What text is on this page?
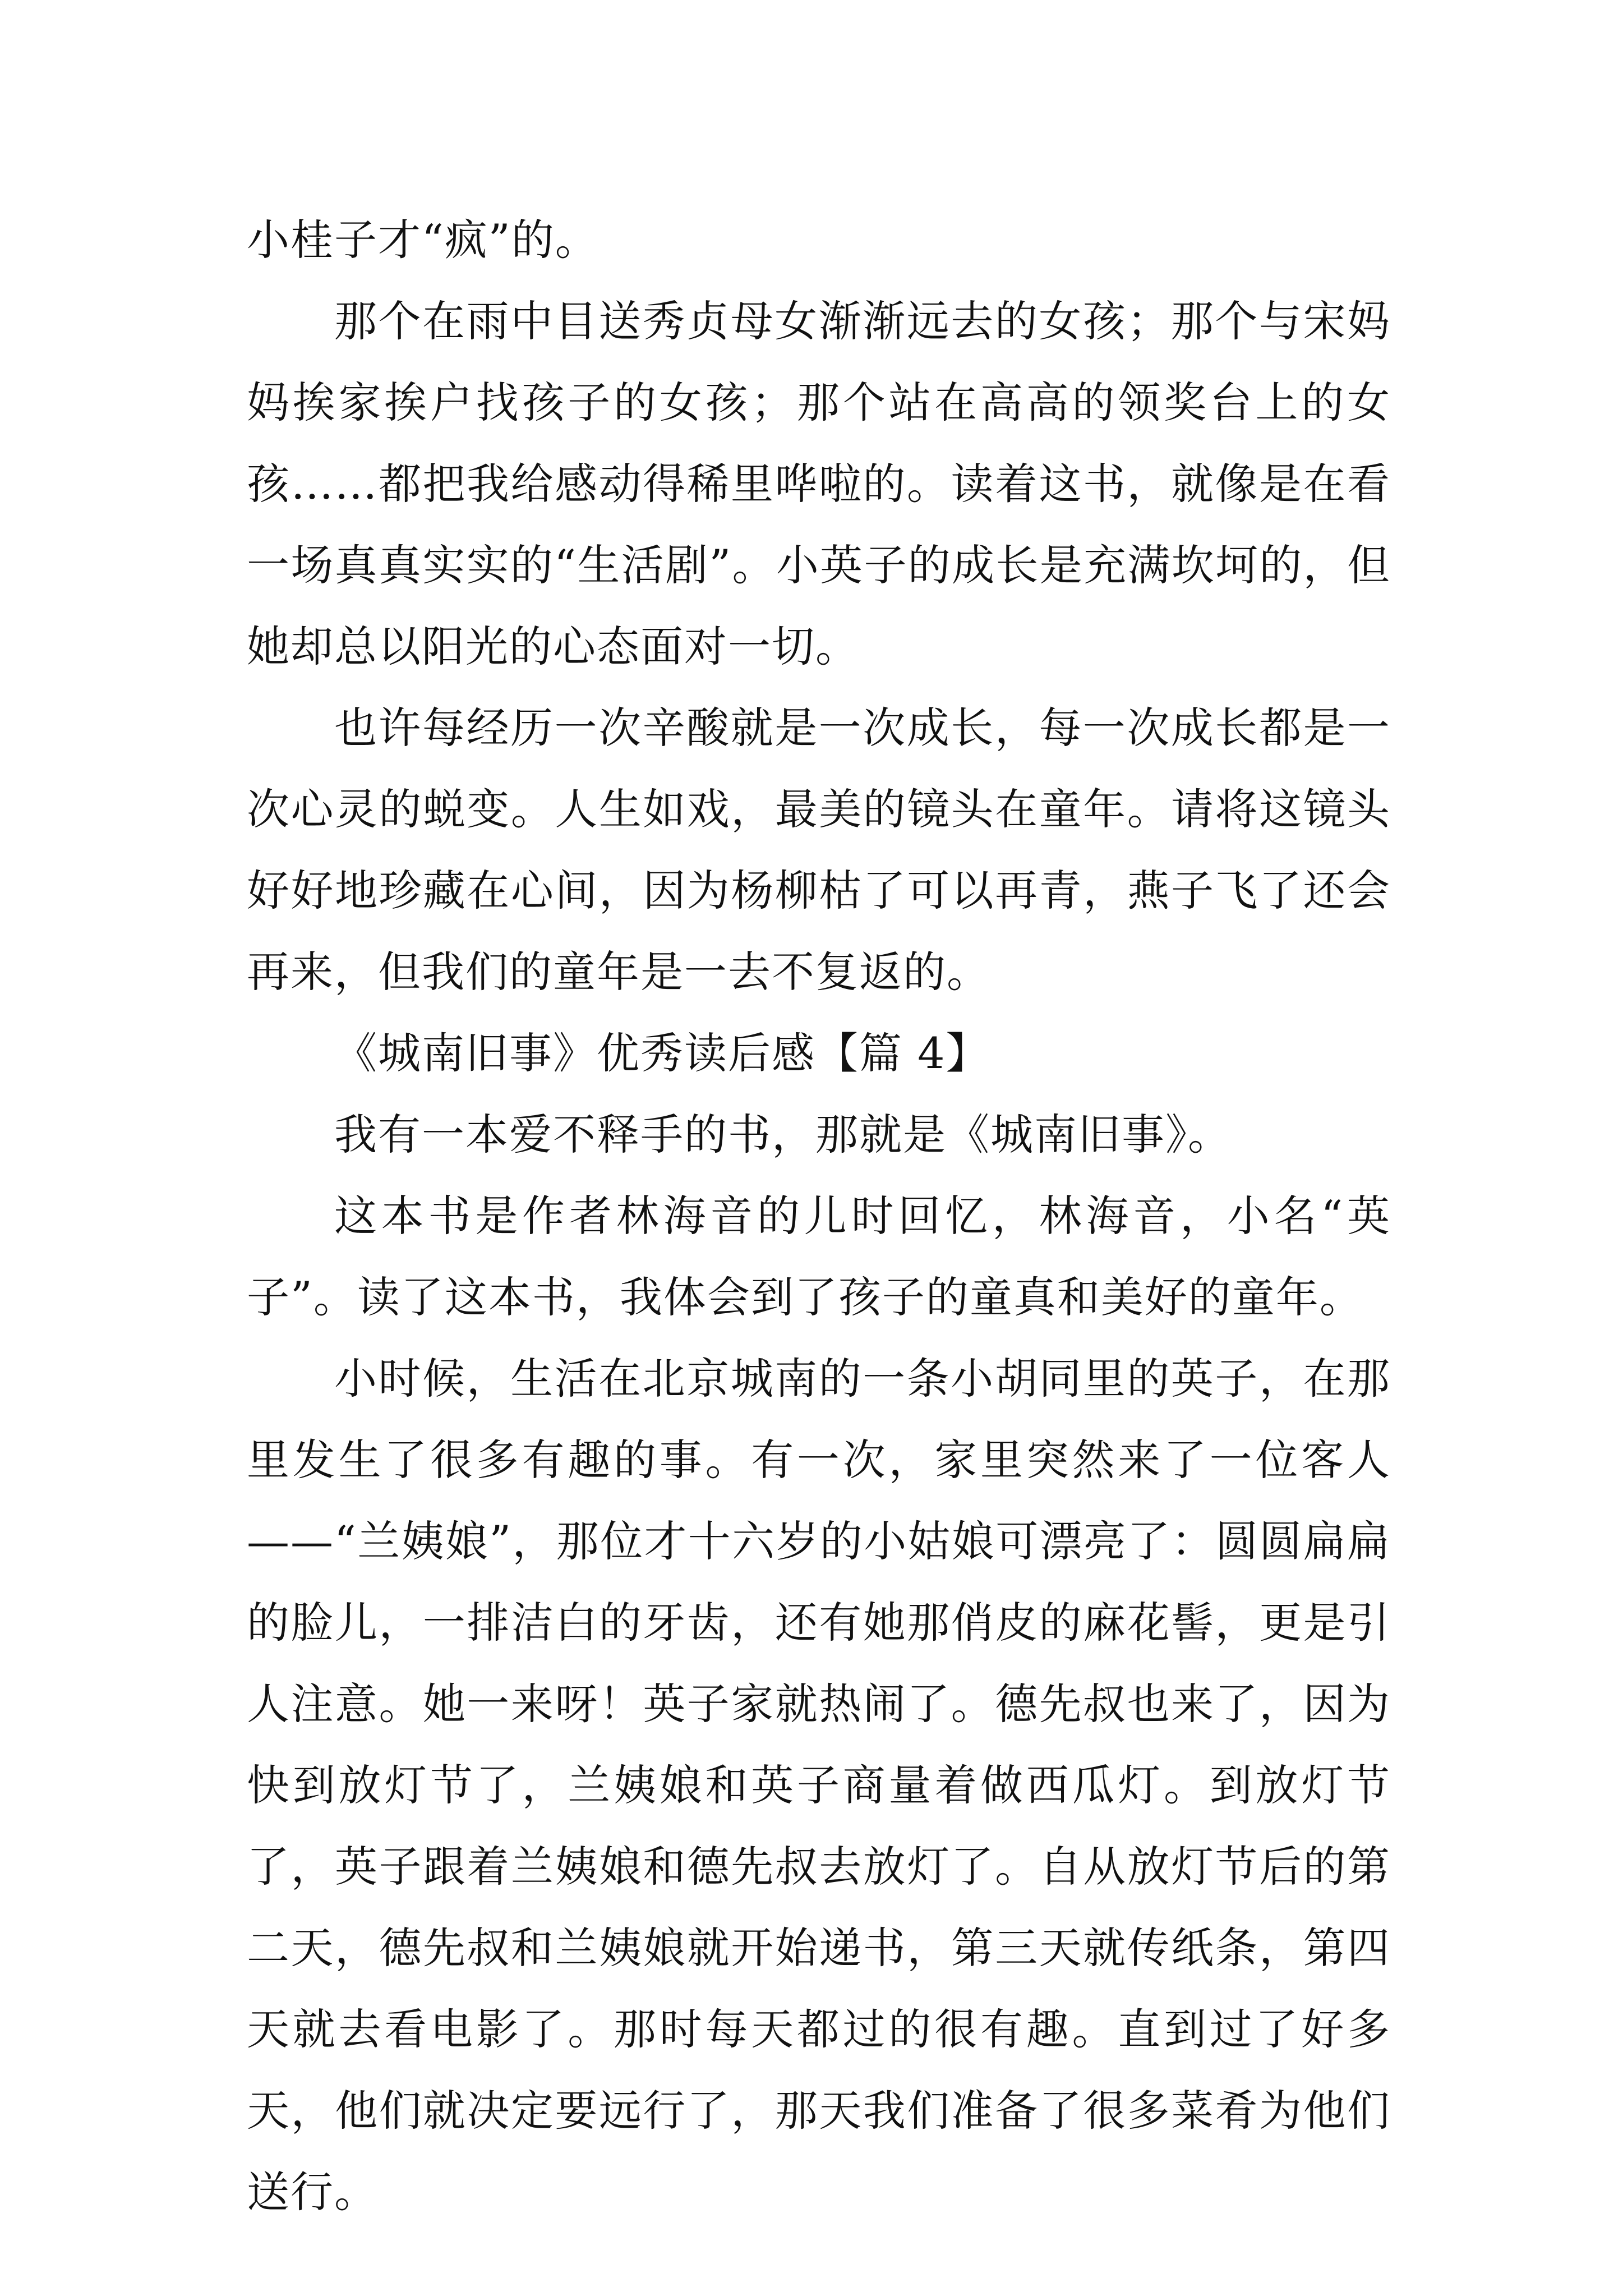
小桂子才“疯”的。

那个在雨中目送秀贞母女渐渐远去的女孩；那个与宋妈妈挨家挨户找孩子的女孩；那个站在高高的领奖台上的女孩……都把我给感动得稀里哗啦的。读着这书，就像是在看一场真真实实的“生活剧”。小英子的成长是充满坎坷的，但她却总以阳光的心态面对一切。

也许每经历一次辛酸就是一次成长，每一次成长都是一次心灵的蜕变。人生如戏，最美的镜头在童年。请将这镜头好好地珍藏在心间，因为杨柳枯了可以再青，燕子飞了还会再来，但我们的童年是一去不复返的。

《城南旧事》优秀读后感【篇 4】

我有一本爱不释手的书，那就是《城南旧事》。

这本书是作者林海音的儿时回忆，林海音，小名“英子”。读了这本书，我体会到了孩子的童真和美好的童年。

小时候，生活在北京城南的一条小胡同里的英子，在那里发生了很多有趣的事。有一次，家里突然来了一位客人——“兰姨娘”，那位才十六岁的小姑娘可漂亮了：圆圆扁扁的脸儿，一排洁白的牙齿，还有她那俏皮的麻花髻，更是引人注意。她一来呀！英子家就热闹了。德先叔也来了，因为快到放灯节了，兰姨娘和英子商量着做西瓜灯。到放灯节了，英子跟着兰姨娘和德先叔去放灯了。自从放灯节后的第二天，德先叔和兰姨娘就开始递书，第三天就传纸条，第四天就去看电影了。那时每天都过的很有趣。直到过了好多天，他们就决定要远行了，那天我们准备了很多菜肴为他们送行。
